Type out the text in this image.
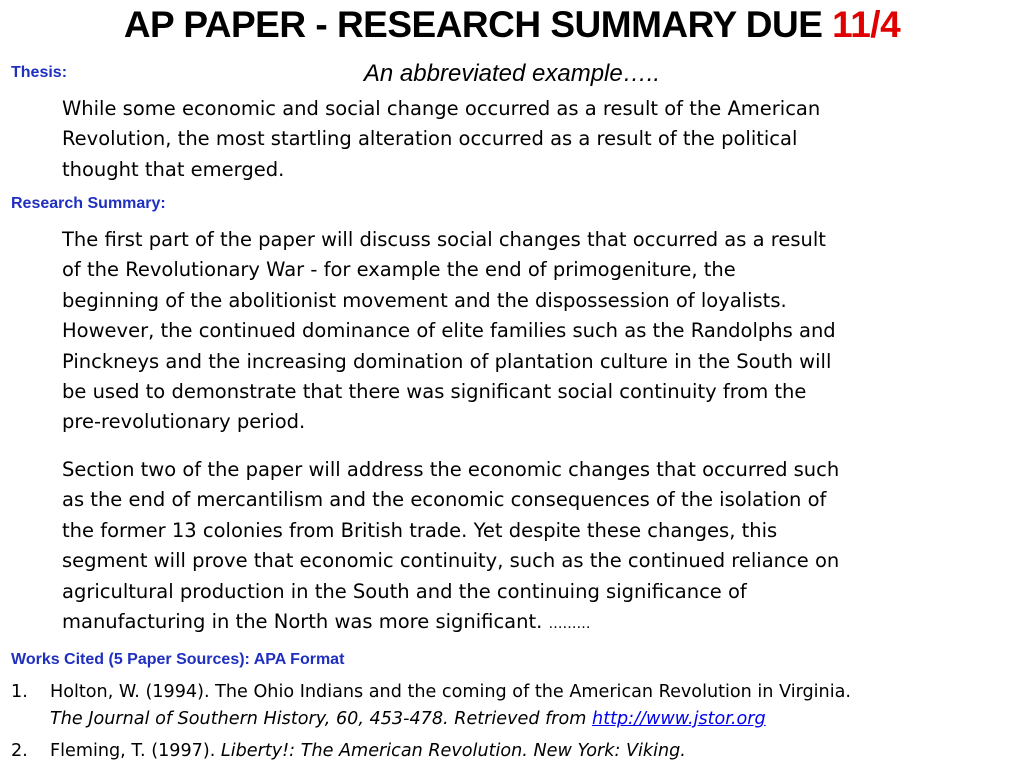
AP PAPER - RESEARCH SUMMARY DUE 11/4
An abbreviated example…..
Thesis:
While some economic and social change occurred as a result of the American
Revolution, the most startling alteration occurred as a result of the political
thought that emerged.
Research Summary:
The first part of the paper will discuss social changes that occurred as a result
of the Revolutionary War - for example the end of primogeniture, the
beginning of the abolitionist movement and the dispossession of loyalists.
However, the continued dominance of elite families such as the Randolphs and
Pinckneys and the increasing domination of plantation culture in the South will
be used to demonstrate that there was significant social continuity from the
pre-revolutionary period.
Section two of the paper will address the economic changes that occurred such
as the end of mercantilism and the economic consequences of the isolation of
the former 13 colonies from British trade. Yet despite these changes, this
segment will prove that economic continuity, such as the continued reliance on
agricultural production in the South and the continuing significance of
manufacturing in the North was more significant. ………
Works Cited (5 Paper Sources): APA Format
1. Holton, W. (1994). The Ohio Indians and the coming of the American Revolution in Virginia.
The Journal of Southern History, 60, 453-478. Retrieved from http://www.jstor.org
2. Fleming, T. (1997). Liberty!: The American Revolution. New York: Viking.
